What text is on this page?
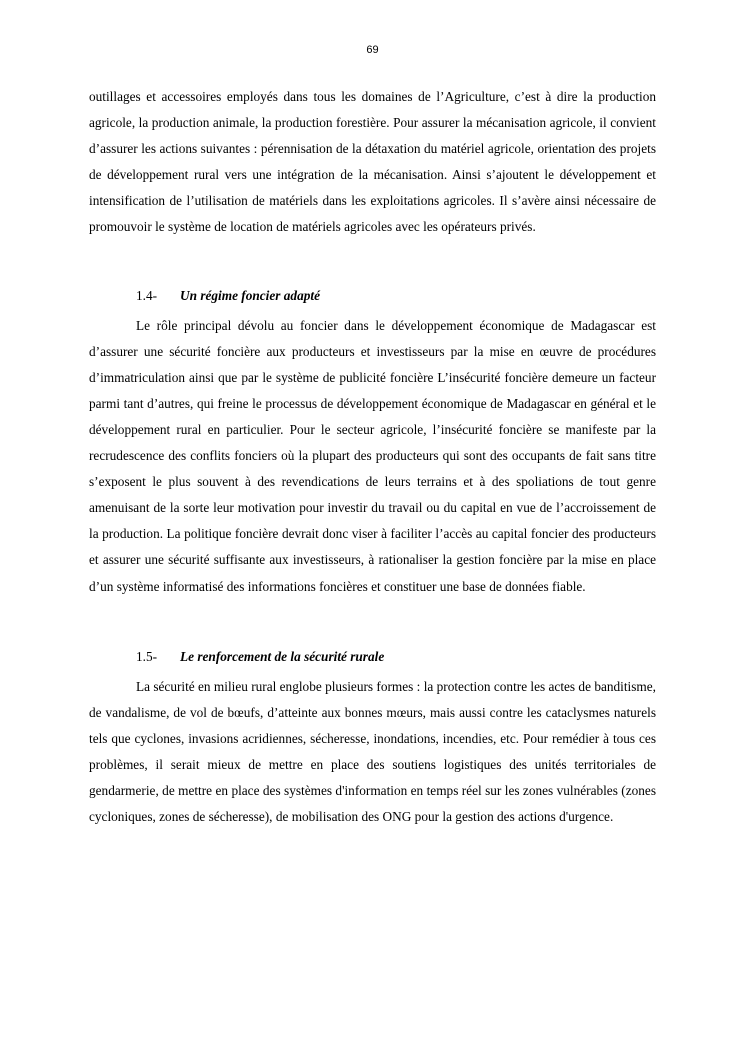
69

outillages et accessoires employés dans tous les domaines de l’Agriculture, c’est à dire la production agricole, la production animale, la production forestière. Pour assurer la mécanisation agricole, il convient d’assurer les actions suivantes : pérennisation de la détaxation du matériel agricole, orientation des projets de développement rural vers une intégration de la mécanisation. Ainsi s’ajoutent le développement et intensification de l’utilisation de matériels dans les exploitations agricoles. Il s’avère ainsi nécessaire de promouvoir le système de location de matériels agricoles avec les opérateurs privés.

1.4- Un régime foncier adapté

Le rôle principal dévolu au foncier dans le développement économique de Madagascar est d’assurer une sécurité foncière aux producteurs et investisseurs par la mise en œuvre de procédures d’immatriculation ainsi que par le système de publicité foncière L’insécurité foncière demeure un facteur parmi tant d’autres, qui freine le processus de développement économique de Madagascar en général et le développement rural en particulier. Pour le secteur agricole, l’insécurité foncière se manifeste par la recrudescence des conflits fonciers où la plupart des producteurs qui sont des occupants de fait sans titre s’exposent le plus souvent à des revendications de leurs terrains et à des spoliations de tout genre amenuisant de la sorte leur motivation pour investir du travail ou du capital en vue de l’accroissement de la production. La politique foncière devrait donc viser à faciliter l’accès au capital foncier des producteurs et assurer une sécurité suffisante aux investisseurs, à rationaliser la gestion foncière par la mise en place d’un système informatisé des informations foncières et constituer une base de données fiable.

1.5- Le renforcement de la sécurité rurale

La sécurité en milieu rural englobe plusieurs formes : la protection contre les actes de banditisme, de vandalisme, de vol de bœufs, d’atteinte aux bonnes mœurs, mais aussi contre les cataclysmes naturels tels que cyclones, invasions acridiennes, sécheresse, inondations, incendies, etc. Pour remédier à tous ces problèmes, il serait mieux de mettre en place des soutiens logistiques des unités territoriales de gendarmerie, de mettre en place des systèmes d'information en temps réel sur les zones vulnérables (zones cycloniques, zones de sécheresse), de mobilisation des ONG pour la gestion des actions d'urgence.
